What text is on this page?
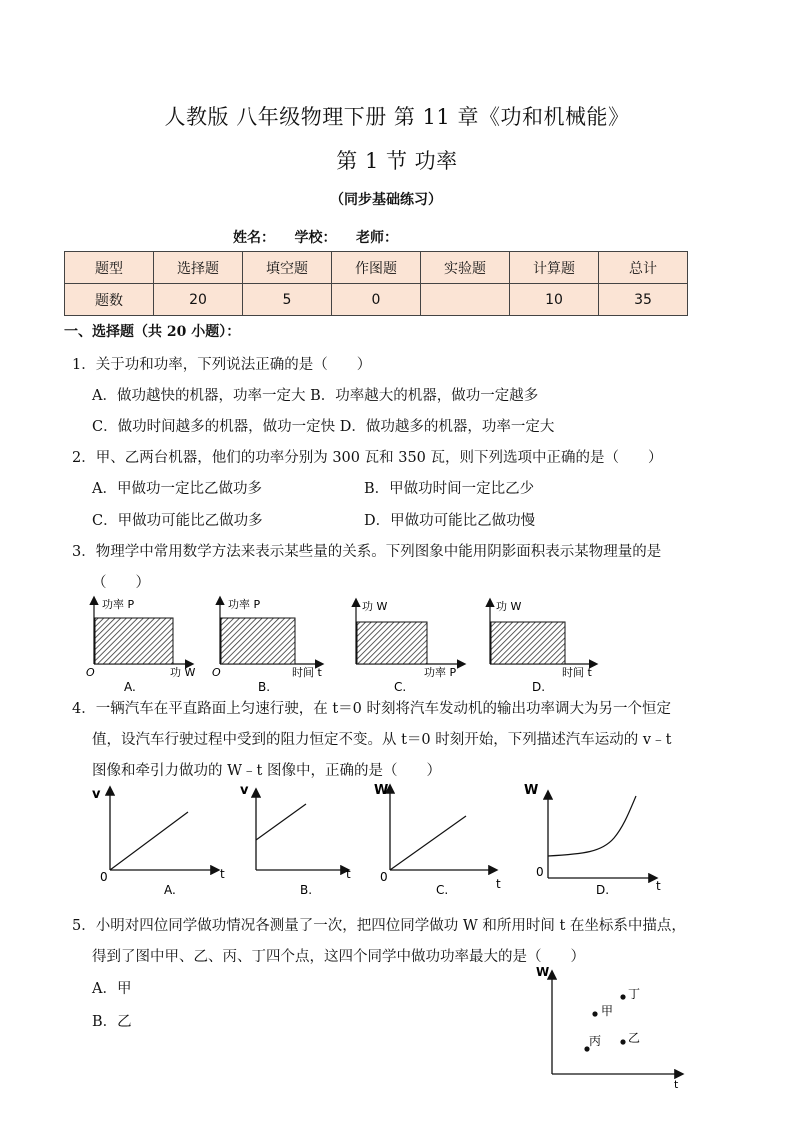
人教版 八年级物理下册 第 11 章《功和机械能》
第 1 节 功率
（同步基础练习）
姓名：    学校：    老师：
题型	选择题	填空题	作图题	实验题	计算题	总计
题数	20	5	0		10	35
一、选择题（共 20 小题）：
1．关于功和功率，下列说法正确的是（　　）
A．做功越快的机器，功率一定大 B．功率越大的机器，做功一定越多
C．做功时间越多的机器，做功一定快 D．做功越多的机器，功率一定大
2．甲、乙两台机器，他们的功率分别为 300 瓦和 350 瓦，则下列选项中正确的是（　　）
A．甲做功一定比乙做功多	B．甲做功时间一定比乙少
C．甲做功可能比乙做功多	D．甲做功可能比乙做功慢
3．物理学中常用数学方法来表示某些量的关系。下列图象中能用阴影面积表示某物理量的是
（　　）
功率 P
O	功 W
A.
功率 P
O	时间 t
B.
功 W
功率 P
C.
功 W
时间 t
D.
4．一辆汽车在平直路面上匀速行驶，在 t＝0 时刻将汽车发动机的输出功率调大为另一个恒定
值，设汽车行驶过程中受到的阻力恒定不变。从 t＝0 时刻开始，下列描述汽车运动的 v﹣t
图像和牵引力做功的 W﹣t 图像中，正确的是（　　）
v
0	t
A.
v
t
B.
W
0	t
C.
W
0
t
D.
5．小明对四位同学做功情况各测量了一次，把四位同学做功 W 和所用时间 t 在坐标系中描点，
得到了图中甲、乙、丙、丁四个点，这四个同学中做功功率最大的是（　　）
A．甲
B．乙
W
t
甲
乙
丙
丁
